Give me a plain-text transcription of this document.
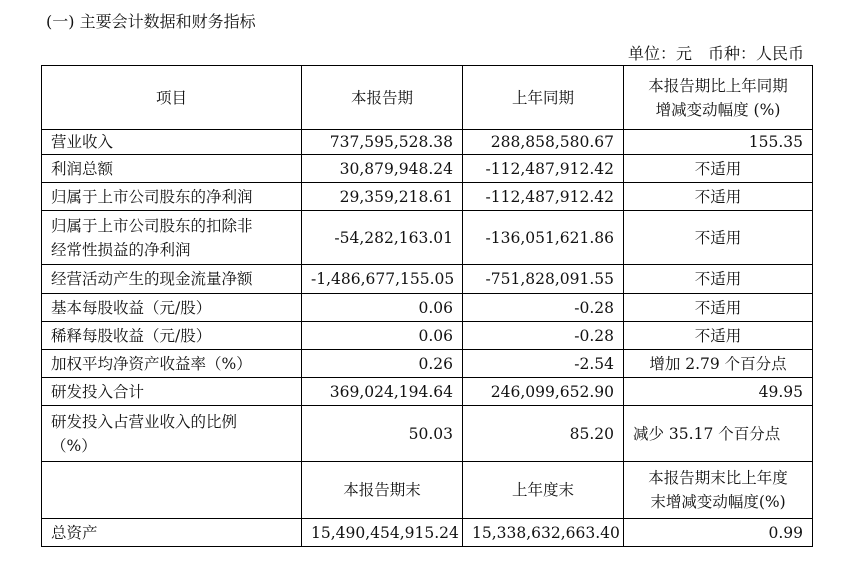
(一) 主要会计数据和财务指标
单位：元　币种：人民币
项目	本报告期	上年同期	本报告期比上年同期
增减变动幅度 (%)

营业收入	737,595,528.38	288,858,580.67	155.35
利润总额	30,879,948.24	-112,487,912.42	不适用
归属于上市公司股东的净利润	29,359,218.61	-112,487,912.42	不适用

归属于上市公司股东的扣除非
经常性损益的净利润	-54,282,163.01	-136,051,621.86	不适用
经营活动产生的现金流量净额	-1,486,677,155.05	-751,828,091.55	不适用
基本每股收益（元/股）	0.06	-0.28	不适用
稀释每股收益（元/股）	0.06	-0.28	不适用
加权平均净资产收益率（%）	0.26	-2.54	增加 2.79 个百分点
研发投入合计	369,024,194.64	246,099,652.90	49.95

研发投入占营业收入的比例
（%）	50.03	85.20	减少 35.17 个百分点
	本报告期末	上年度末	本报告期末比上年度
末增减变动幅度(%)

总资产	15,490,454,915.24	15,338,632,663.40	0.99
